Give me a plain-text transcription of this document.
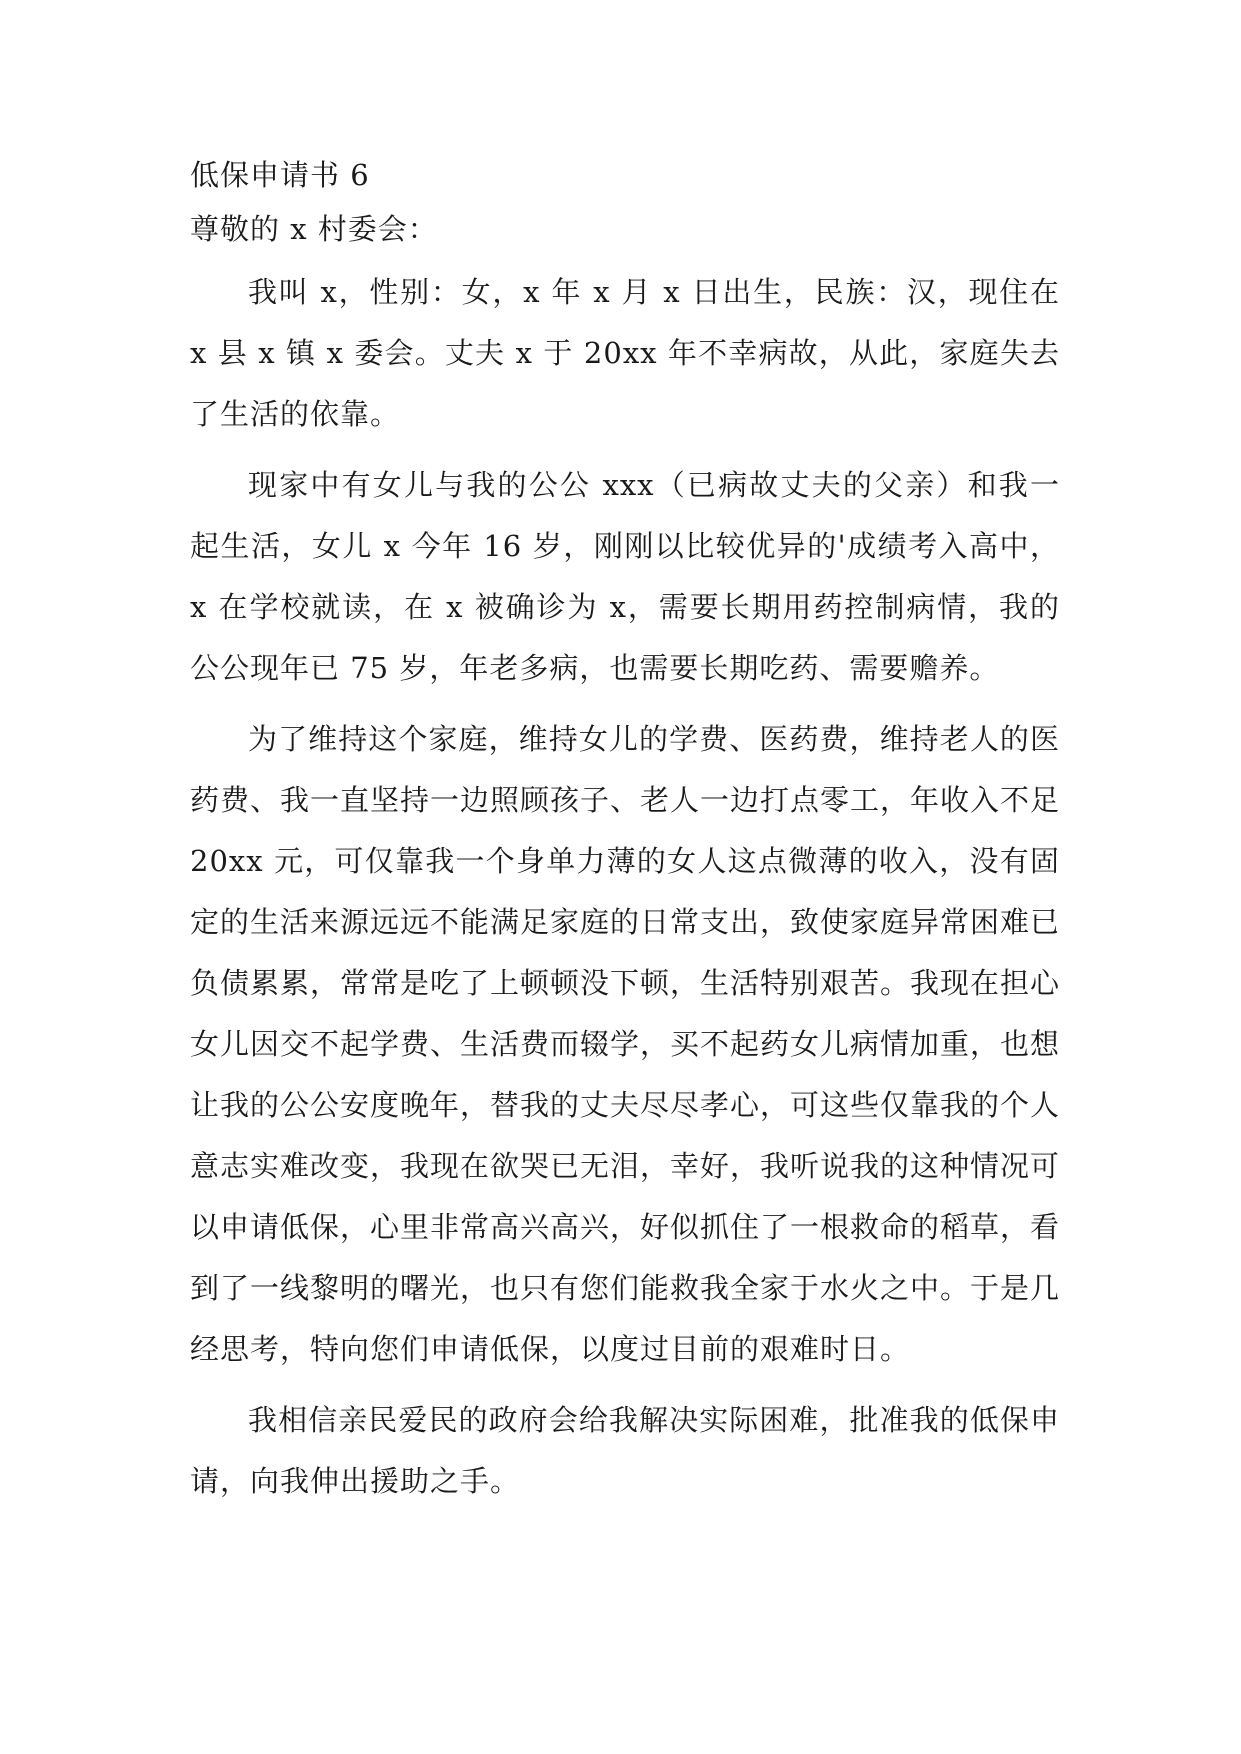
低保申请书 6

尊敬的 x 村委会：

我叫 x，性别：女，x 年 x 月 x 日出生，民族：汉，现住在 x 县 x 镇 x 委会。丈夫 x 于 20xx 年不幸病故，从此，家庭失去了生活的依靠。

现家中有女儿与我的公公 xxx（已病故丈夫的父亲）和我一起生活，女儿 x 今年 16 岁，刚刚以比较优异的'成绩考入高中，x 在学校就读，在 x 被确诊为 x，需要长期用药控制病情，我的公公现年已 75 岁，年老多病，也需要长期吃药、需要赡养。

为了维持这个家庭，维持女儿的学费、医药费，维持老人的医药费、我一直坚持一边照顾孩子、老人一边打点零工，年收入不足 20xx 元，可仅靠我一个身单力薄的女人这点微薄的收入，没有固定的生活来源远远不能满足家庭的日常支出，致使家庭异常困难已负债累累，常常是吃了上顿顿没下顿，生活特别艰苦。我现在担心女儿因交不起学费、生活费而辍学，买不起药女儿病情加重，也想让我的公公安度晚年，替我的丈夫尽尽孝心，可这些仅靠我的个人意志实难改变，我现在欲哭已无泪，幸好，我听说我的这种情况可以申请低保，心里非常高兴高兴，好似抓住了一根救命的稻草，看到了一线黎明的曙光，也只有您们能救我全家于水火之中。于是几经思考，特向您们申请低保，以度过目前的艰难时日。

我相信亲民爱民的政府会给我解决实际困难，批准我的低保申请，向我伸出援助之手。
